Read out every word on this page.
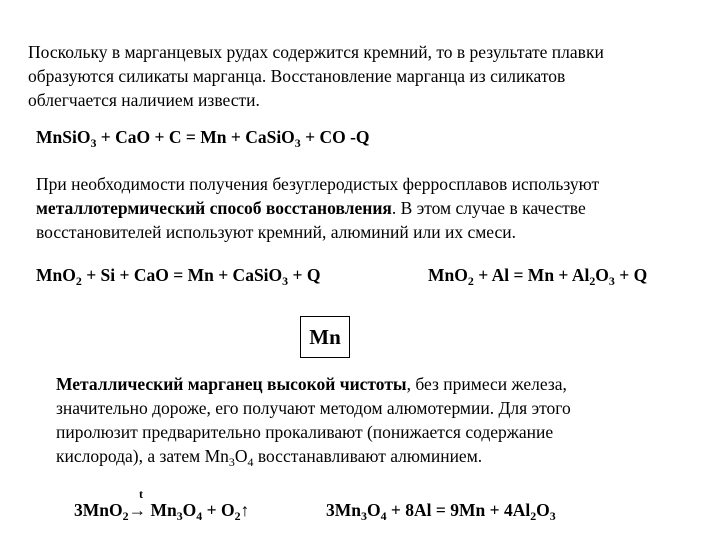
Поскольку в марганцевых рудах содержится кремний, то в результате плавки
образуются силикаты марганца. Восстановление марганца из силикатов
облегчается наличием извести.
MnSiO$_3$ + CaO + C = Mn + CaSiO$_3$ + CO -Q
При необходимости получения безуглеродистых ферросплавов используют
металлотермический способ восстановления. В этом случае в качестве
восстановителей используют кремний, алюминий или их смеси.
MnO$_2$ + Si + CaO = Mn + CaSiO$_3$ + Q	$MnO_2 + Al = Mn + Al_2O_3 + Q$
Mn
Металлический марганец высокой чистоты, без примеси железа,
значительно дороже, его получают методом алюмотермии. Для этого
пиролюзит предварительно прокаливают (понижается содержание
кислорода), а затем $Mn_3O_4$ восстанавливают алюминием.
t
$3MnO_2\to Mn_3O_4$ + $O_2↑$	$3Mn_3O_4 + 8Al = 9Mn + 4Al_2O_3$
